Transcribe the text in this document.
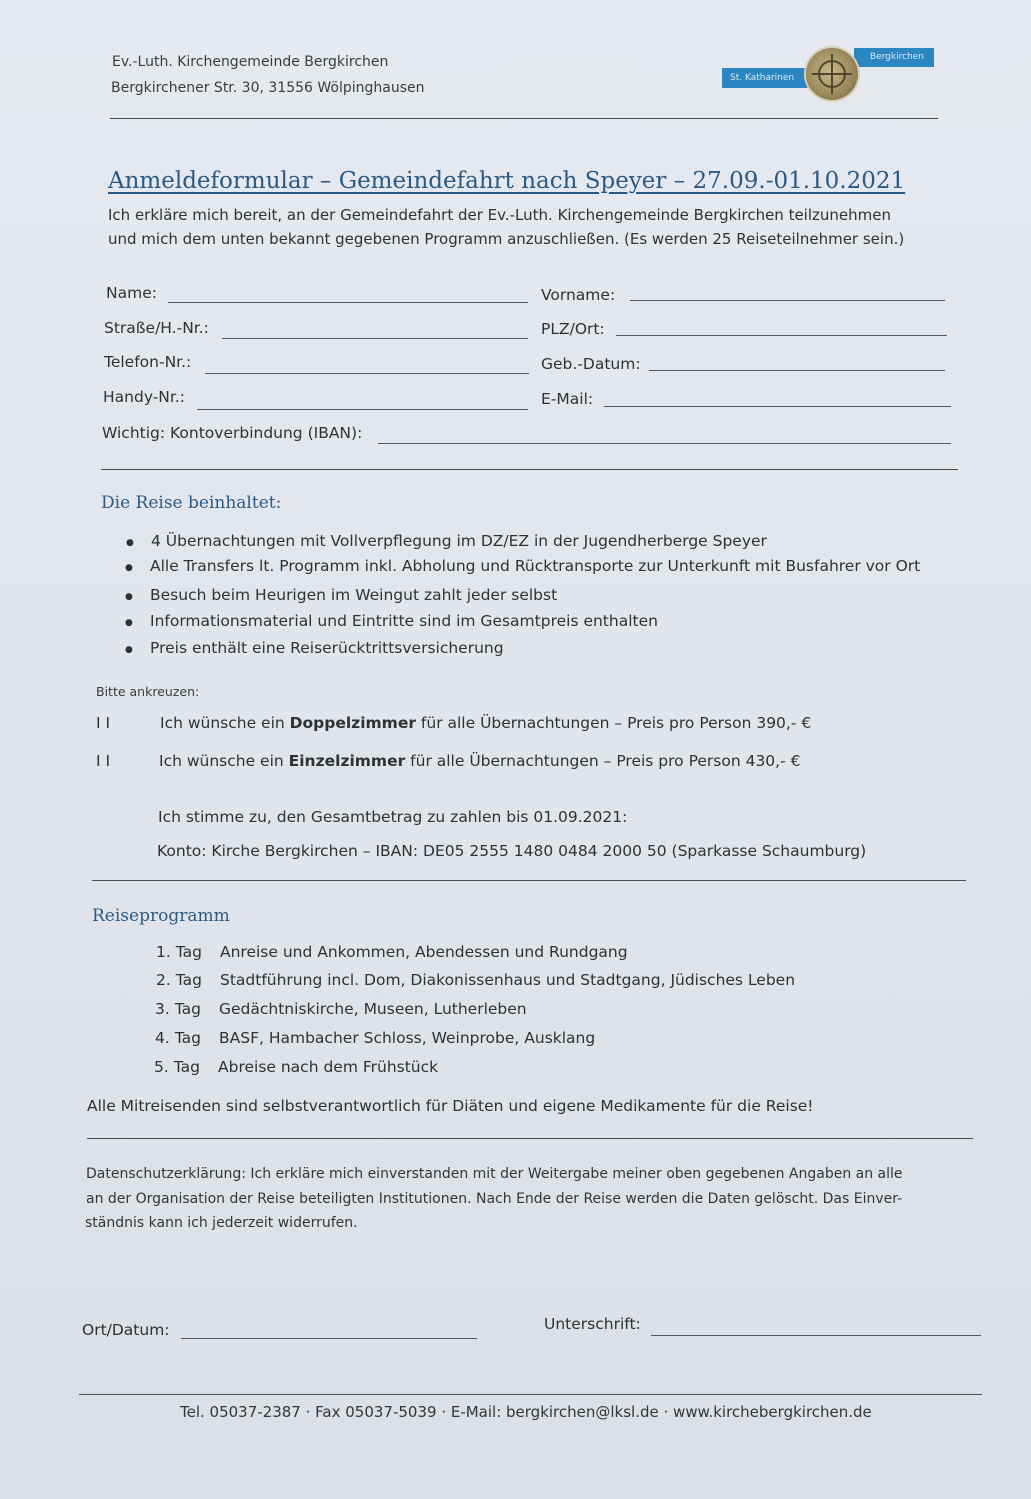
Ev.-Luth. Kirchengemeinde Bergkirchen
Bergkirchener Str. 30, 31556 Wölpinghausen
St. Katharinen
Bergkirchen
Anmeldeformular – Gemeindefahrt nach Speyer – 27.09.-01.10.2021
Ich erkläre mich bereit, an der Gemeindefahrt der Ev.-Luth. Kirchengemeinde Bergkirchen teilzunehmen
und mich dem unten bekannt gegebenen Programm anzuschließen. (Es werden 25 Reiseteilnehmer sein.)
Name:	Vorname:
Straße/H.-Nr.:	PLZ/Ort:
Telefon-Nr.:	Geb.-Datum:
Handy-Nr.:	E-Mail:
Wichtig: Kontoverbindung (IBAN):
Die Reise beinhaltet:
● 4 Übernachtungen mit Vollverpflegung im DZ/EZ in der Jugendherberge Speyer
● Alle Transfers lt. Programm inkl. Abholung und Rücktransporte zur Unterkunft mit Busfahrer vor Ort
● Besuch beim Heurigen im Weingut zahlt jeder selbst
● Informationsmaterial und Eintritte sind im Gesamtpreis enthalten
● Preis enthält eine Reiserücktrittsversicherung
Bitte ankreuzen:
I I	Ich wünsche ein Doppelzimmer für alle Übernachtungen – Preis pro Person 390,- €
I I	Ich wünsche ein Einzelzimmer für alle Übernachtungen – Preis pro Person 430,- €
Ich stimme zu, den Gesamtbetrag zu zahlen bis 01.09.2021:
Konto: Kirche Bergkirchen – IBAN: DE05 2555 1480 0484 2000 50 (Sparkasse Schaumburg)
Reiseprogramm
1. Tag Anreise und Ankommen, Abendessen und Rundgang
2. Tag Stadtführung incl. Dom, Diakonissenhaus und Stadtgang, Jüdisches Leben
3. Tag Gedächtniskirche, Museen, Lutherleben
4. Tag BASF, Hambacher Schloss, Weinprobe, Ausklang
5. Tag Abreise nach dem Frühstück
Alle Mitreisenden sind selbstverantwortlich für Diäten und eigene Medikamente für die Reise!
Datenschutzerklärung: Ich erkläre mich einverstanden mit der Weitergabe meiner oben gegebenen Angaben an alle
an der Organisation der Reise beteiligten Institutionen. Nach Ende der Reise werden die Daten gelöscht. Das Einver-
ständnis kann ich jederzeit widerrufen.
Ort/Datum:	Unterschrift:
Tel. 05037-2387 · Fax 05037-5039 · E-Mail: bergkirchen@lksl.de · www.kirchebergkirchen.de
